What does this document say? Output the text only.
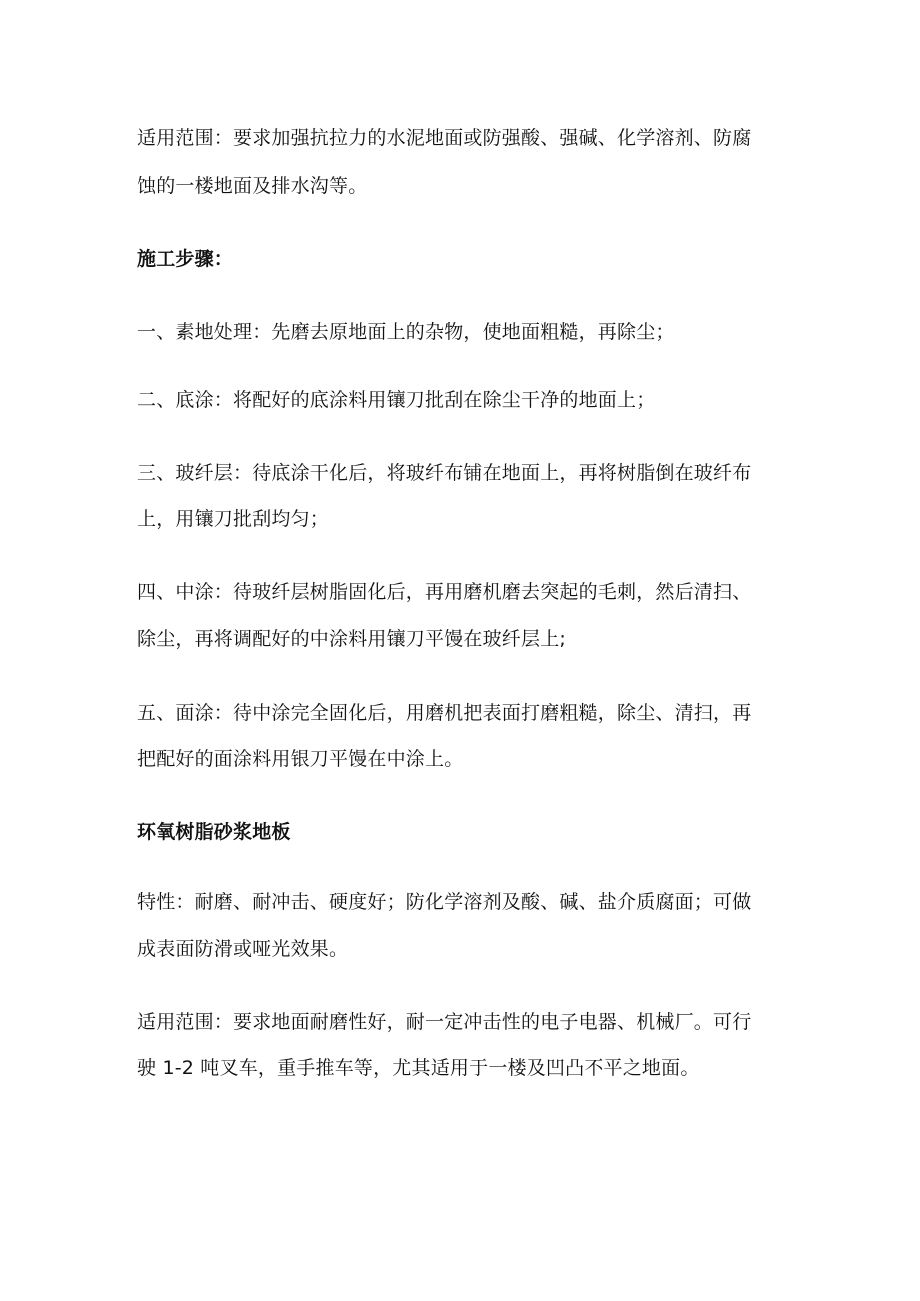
适用范围：要求加强抗拉力的水泥地面或防强酸、强碱、化学溶剂、防腐
蚀的一楼地面及排水沟等。
施工步骤：
一、素地处理：先磨去原地面上的杂物，使地面粗糙，再除尘；
二、底涂：将配好的底涂料用镶刀批刮在除尘干净的地面上；
三、玻纤层：待底涂干化后，将玻纤布铺在地面上，再将树脂倒在玻纤布
上，用镶刀批刮均匀；
四、中涂：待玻纤层树脂固化后，再用磨机磨去突起的毛刺，然后清扫、
除尘，再将调配好的中涂料用镶刀平馒在玻纤层上;
五、面涂：待中涂完全固化后，用磨机把表面打磨粗糙，除尘、清扫，再
把配好的面涂料用银刀平馒在中涂上。
环氧树脂砂浆地板
特性：耐磨、耐冲击、硬度好；防化学溶剂及酸、碱、盐介质腐面；可做
成表面防滑或哑光效果。
适用范围：要求地面耐磨性好，耐一定冲击性的电子电器、机械厂。可行
驶 1-2 吨叉车，重手推车等，尤其适用于一楼及凹凸不平之地面。
